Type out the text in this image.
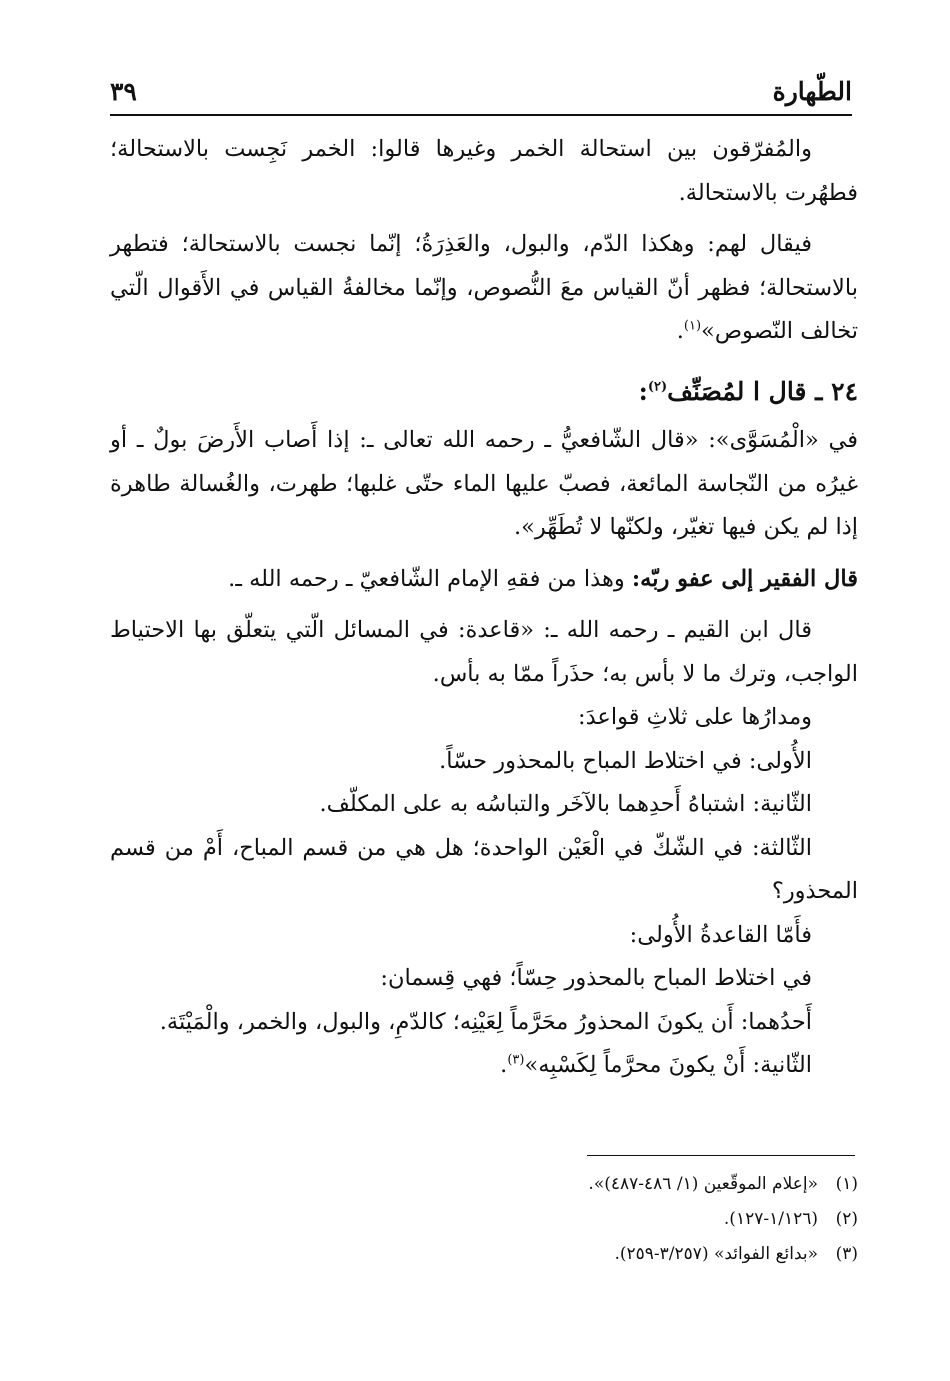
الطّهارة
٣٩

والمُفرّقون بين استحالة الخمر وغيرها قالوا: الخمر نَجِست بالاستحالة؛ فطهُرت بالاستحالة.

فيقال لهم: وهكذا الدّم، والبول، والعَذِرَةُ؛ إنّما نجست بالاستحالة؛ فتطهر بالاستحالة؛ فظهر أنّ القياس معَ النُّصوص، وإنّما مخالفةُ القياس في الأَقوال الّتي تخالف النّصوص»$^{(١)}$.

٢٤ ـ قال ا لمُصَنِّف$^{(٢)}$:

في «الْمُسَوَّى»: «قال الشّافعيُّ ـ رحمه الله تعالى ـ: إذا أَصاب الأَرضَ بولٌ ـ أو غيرُه من النّجاسة المائعة، فصبّ عليها الماء حتّى غلبها؛ طهرت، والغُسالة طاهرة إذا لم يكن فيها تغيّر، ولكنّها لا تُطَهِّر».

قال الفقير إلى عفو ربّه: وهذا من فقهِ الإمام الشّافعيّ ـ رحمه الله ـ.

قال ابن القيم ـ رحمه الله ـ: «قاعدة: في المسائل الّتي يتعلّق بها الاحتياط الواجب، وترك ما لا بأس به؛ حذَراً ممّا به بأس.

ومدارُها على ثلاثِ قواعدَ:

الأُولى: في اختلاط المباح بالمحذور حسّاً.

الثّانية: اشتباهُ أَحدِهما بالآخَر والتباسُه به على المكلّف.

الثّالثة: في الشّكّ في الْعَيْن الواحدة؛ هل هي من قسم المباح، أَمْ من قسم المحذور؟

فأَمّا القاعدةُ الأُولى:

في اختلاط المباح بالمحذور حِسّاً؛ فهي قِسمان:

أَحدُهما: أَن يكونَ المحذورُ محَرَّماً لِعَيْنِه؛ كالدّمِ، والبول، والخمر، والْمَيْتَة.

الثّانية: أَنْ يكونَ محرَّماً لِكَسْبِه»$^{(٣)}$.

(١)«إعلام الموقّعين (١/ ٤٨٦-٤٨٧)».

(٢)(١/١٢٦-١٢٧).

(٣)«بدائع الفوائد» (٣/٢٥٧-٢٥٩).
